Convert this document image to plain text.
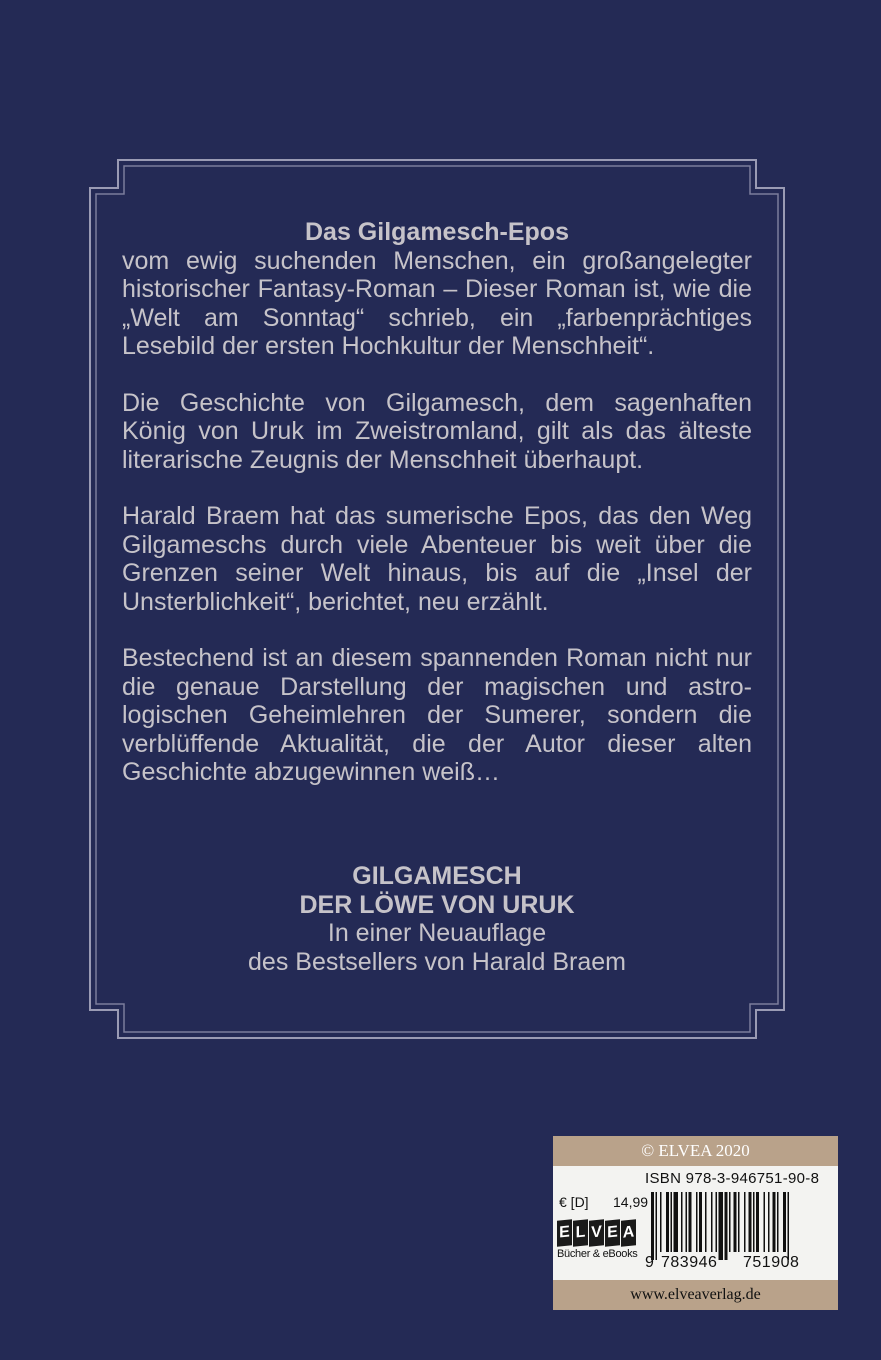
Das Gilgamesch-Epos

vom ewig suchenden Menschen, ein großangelegter historischer Fantasy-Roman – Dieser Roman ist, wie die „Welt am Sonntag“ schrieb, ein „farbenprächtiges Lesebild der ersten Hochkultur der Menschheit“.

Die Geschichte von Gilgamesch, dem sagenhaften König von Uruk im Zweistromland, gilt als das älteste literarische Zeugnis der Menschheit überhaupt.

Harald Braem hat das sumerische Epos, das den Weg Gilgameschs durch viele Abenteuer bis weit über die Grenzen seiner Welt hinaus, bis auf die „Insel der Unsterblichkeit“, berichtet, neu erzählt.

Bestechend ist an diesem spannenden Roman nicht nur die genaue Darstellung der magischen und astrologischen Geheimlehren der Sumerer, sondern die verblüffende Aktualität, die der Autor dieser alten Geschichte abzugewinnen weiß…

GILGAMESCH
DER LÖWE VON URUK
In einer Neuauflage
des Bestsellers von Harald Braem
© ELVEA 2020
ISBN 978-3-946751-90-8
€ [D] 14,99
E L V E A
Bücher & eBooks 9 783946 751908
www.elveaverlag.de
